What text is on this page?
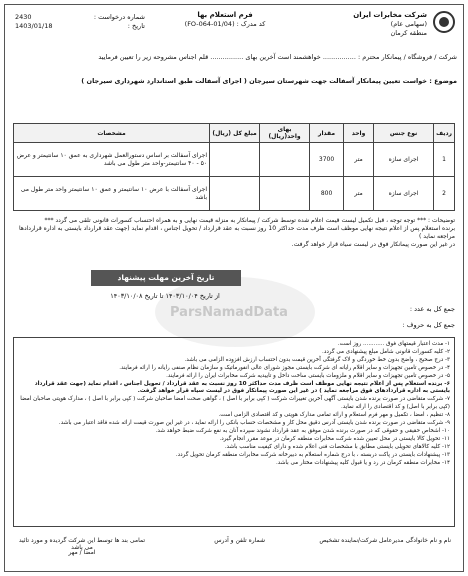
شرکت مخابرات ایران
(سهامی عام)
منطقه کرمان
فرم استعلام بها
کد مدرک : (FO-064-01/04)
شماره درخواست :
2430
تاریخ :
1403/01/18
شرکت / فروشگاه / پیمانکار محترم : ................ خواهشمند است آخرین بهای ................ قلم اجناس مشروحه زیر را تعیین فرمایید
موضوع : خواست تعیین پیمانکار آسفالت جهت شهرستان سیرجان ( اجرای آسفالت طبق استاندارد شهرداری سیرجان )
ردیف	نوع جنس	واحد	مقدار	بهای واحد(ریال)	مبلغ کل (ریال)	مشخصات
1	اجرای سازه	متر	3700			اجرای آسفالت بر اساس دستورالعمل شهرداری به عمق ۱۰ سانتیمتر و عرض ۵۰ - ۴۰ سانتیمتر-واحد متر طول می باشد
2	اجرای سازه	متر	800			اجرای آسفالت با عرض ۱۰ سانتیمتر و عمق ۱۰ سانتیمتر واحد متر طول می باشد
توضیحات : *** توجه توجه ، قبل تکمیل لیست قیمت اعلام شده توسط شرکت / پیمانکار به منزله قیمت نهایی و به همراه احتساب کسورات قانونی تلقی می گردد ***
برنده استعلام پس از اعلام نتیجه نهایی موظف است ظرف مدت حداکثر 10 روز نسبت به عقد قرارداد / تحویل اجناس ، اقدام نماید (جهت عقد قرارداد بایستی به اداره قراردادها مراجعه نماید )
در غیر این صورت پیمانکار فوق در لیست سیاه قرار خواهد گرفت.
ParsNamadData
تاریخ آخرین مهلت پیشنهاد
از تاریخ ۱۴۰۳/۱۰/۰۴ تا تاریخ ۱۴۰۳/۱۰/۰۸
جمع کل به عدد :
جمع کل به حروف :
۱- مدت اعتبار قیمتهای فوق ............ روز است.
۲- کلیه کسورات قانونی شامل مبلغ پیشنهادی می گردد.
۳- درج صحیح ، واضح بدون خط خوردگی و لاک گرفتگی آخرین قیمت بدون احتساب ارزش افزوده الزامی می باشد.
۴- در خصوص تامین تجهیزات و سایر اقلام رایانه ای شرکت بایستی مجوز شورای عالی انفورماتیک و سازمان نظام صنفی رایانه را ارائه فرمایند.
۵- در خصوص تامین تجهیزات و سایر اقلام و ملزومات بایستی ساخت داخل و تاییدیه شرکت مخابرات ایران را ارائه فرمایند.
۶- برنده استعلام پس از اعلام نتیجه نهایی موظف است ظرف مدت حداکثر 10 روز نسبت به عقد قرارداد / تحویل اجناس ، اقدام نماید (جهت عقد قرارداد بایستی به اداره قراردادهای فوق مراجعه نماید ) در غیر این صورت پیمانکار فوق در لیست سیاه قرار خواهد گرفت.
۷- شرکت متقاضی در صورت برنده شدن بایستی آگهی آخرین تغییرات شرکت ( کپی برابر با اصل ) ، گواهی صحت امضا صاحبان شرکت ( کپی برابر با اصل ) ، مدارک هویتی صاحبان امضا (کپی برابر با اصل) و کد اقتصادی را ارائه نماید.
۸- تنظیم ، امضا ، تکمیل و مهر فرم استعلام و ارائه تمامی مدارک هویتی و کد اقتصادی الزامی است.
۹- شرکت متقاضی در صورت برنده شدن بایستی آدرس دقیق محل کار و مشخصات حساب بانکی را ارائه نماید ، در غیر این صورت قیمت ارائه شده فاقد اعتبار می باشد.
۱۰- اشخاص حقیقی و حقوقی که در صورت برنده شدن موفق به عقد قرارداد نشوند سپرده آنان به نفع شرکت ضبط خواهد شد.
۱۱- تحویل کالا بایستی در محل تعیین شده شرکت مخابرات منطقه کرمان در موعد مقرر انجام گیرد.
۱۲- کلیه کالاهای تحویلی بایستی مطابق با مشخصات فنی اعلام شده و دارای کیفیت مناسب باشد.
۱۳- پیشنهادات بایستی در پاکت دربسته ، با درج شماره استعلام به دبیرخانه شرکت مخابرات منطقه کرمان تحویل گردد.
۱۴- مخابرات منطقه کرمان در رد و یا قبول کلیه پیشنهادات مختار می باشد.
نام و نام خانوادگی مدیرعامل شرکت/نماینده تشخیص
شماره تلفن و آدرس
تمامی بند ها توسط این شرکت گردیده و مورد تائید می باشد
امضا / مهر
